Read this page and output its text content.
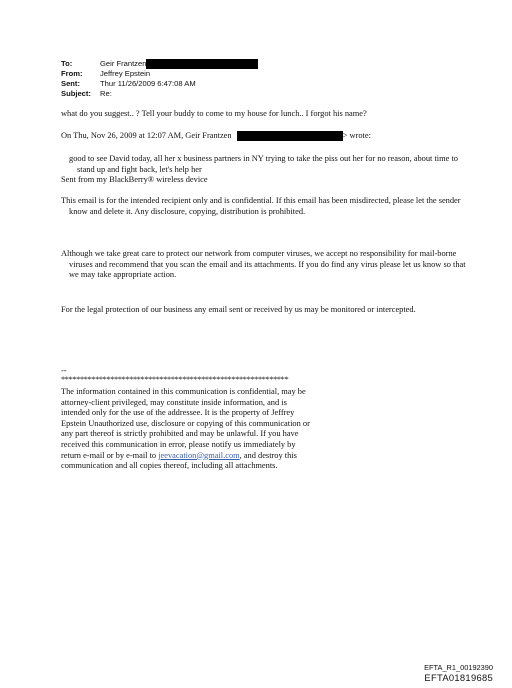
To:	Geir Frantzen
From:	Jeffrey Epstein
Sent:	Thur 11/26/2009 6:47:08 AM
Subject:	Re:

what do you suggest.. ? Tell your buddy to come to my house for lunch.. I forgot his name?

On Thu, Nov 26, 2009 at 12:07 AM, Geir Frantzen	> wrote:

good to see David today, all her x business partners in NY trying to take the piss out her for no reason, about time to stand up and fight back, let's help her

Sent from my BlackBerry® wireless device

This email is for the intended recipient only and is confidential. If this email has been misdirected, please let the sender know and delete it. Any disclosure, copying, distribution is prohibited.

Although we take great care to protect our network from computer viruses, we accept no responsibility for mail-borne viruses and recommend that you scan the email and its attachments. If you do find any virus please let us know so that we may take appropriate action.

For the legal protection of our business any email sent or received by us may be monitored or intercepted.

--
************************************************************

The information contained in this communication is confidential, may be attorney-client privileged, may constitute inside information, and is intended only for the use of the addressee. It is the property of Jeffrey Epstein Unauthorized use, disclosure or copying of this communication or any part thereof is strictly prohibited and may be unlawful. If you have received this communication in error, please notify us immediately by return e-mail or by e-mail to jeevacation@gmail.com, and destroy this communication and all copies thereof, including all attachments.

EFTA_R1_00192390
EFTA01819685
